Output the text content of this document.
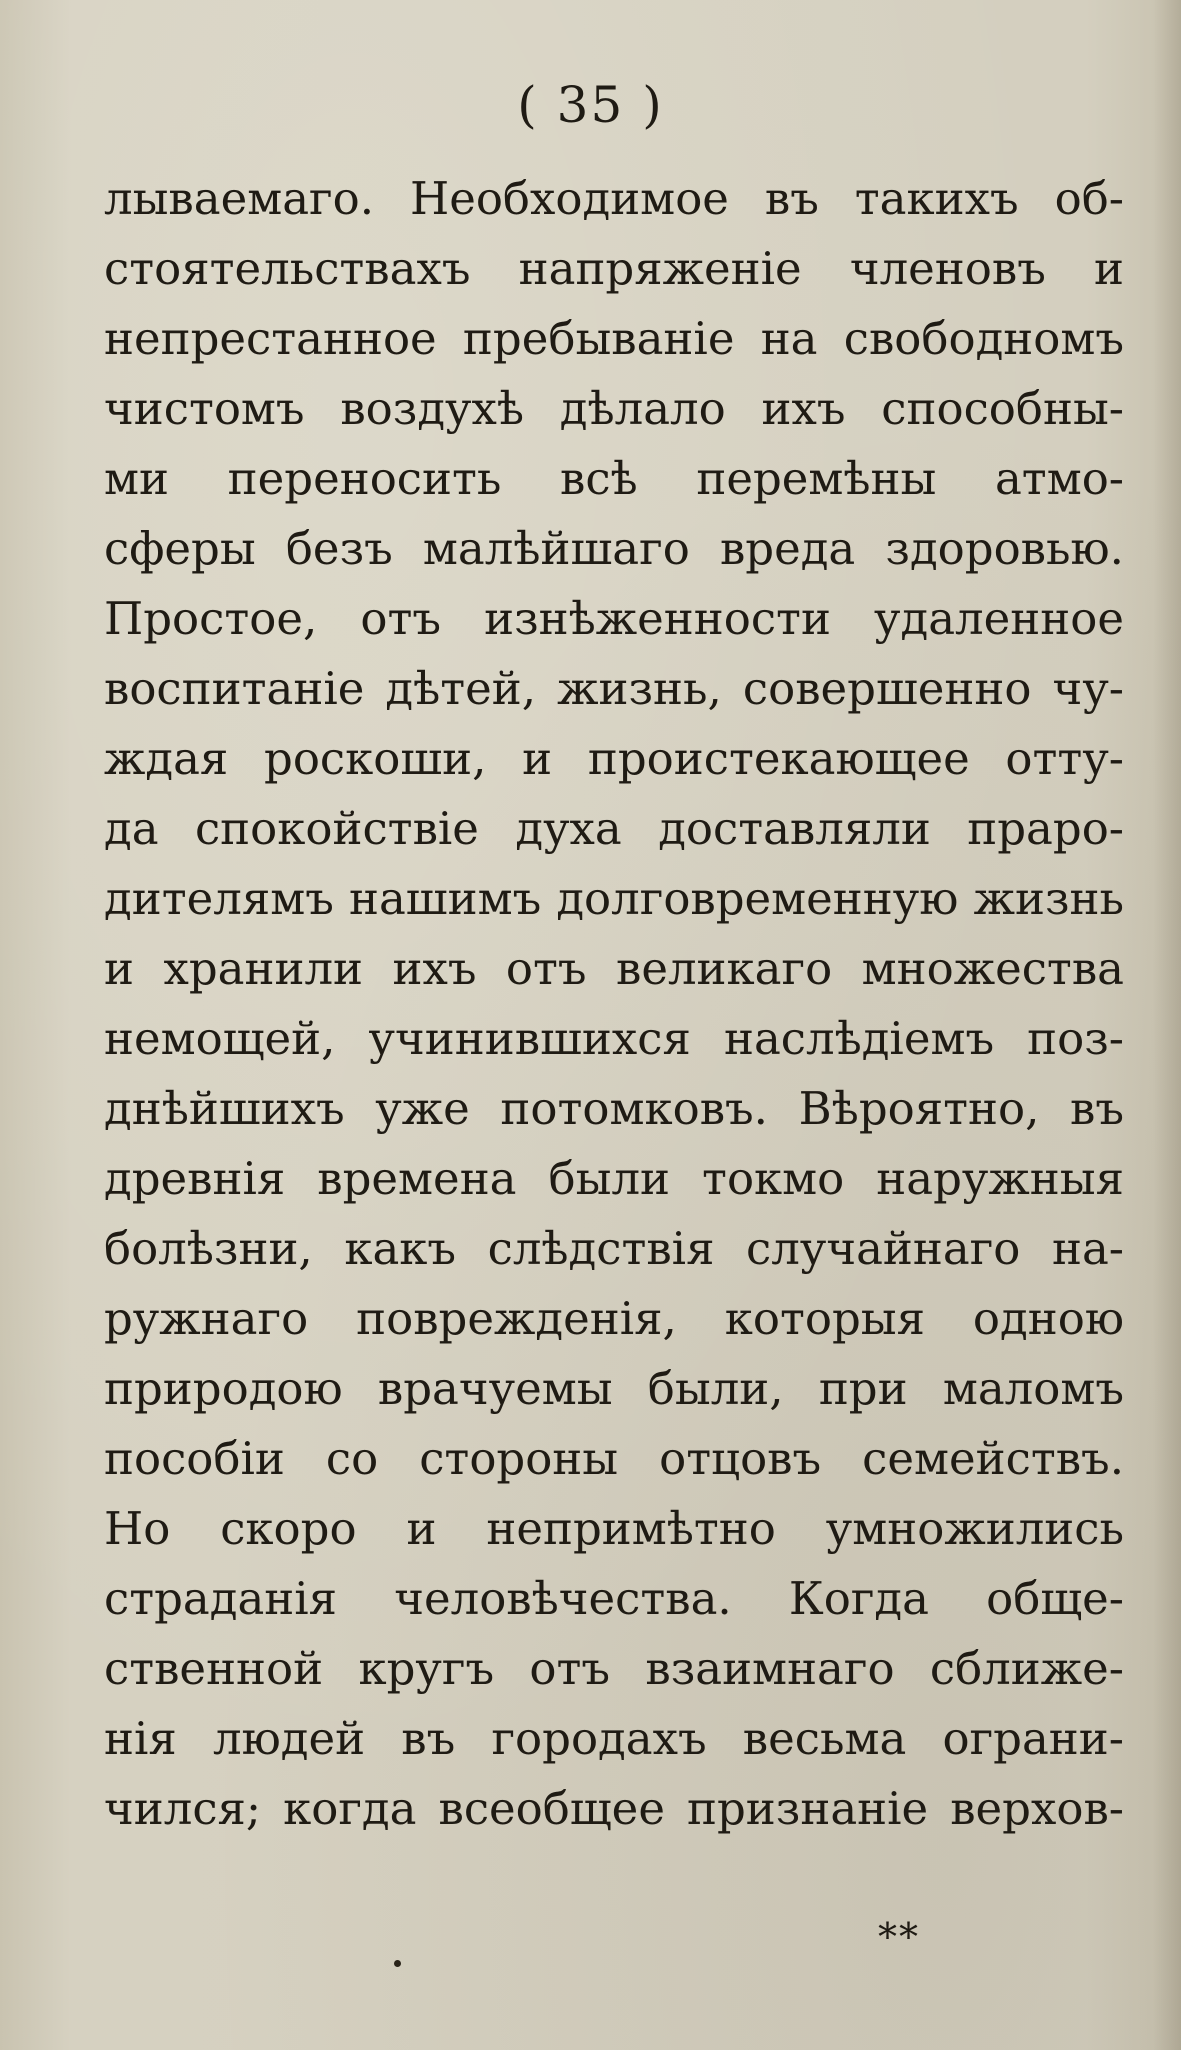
( 35 )
лываемаго. Необходимое въ такихъ об-
стоятельствахъ напряженіе членовъ и
непрестанное пребываніе на свободномъ
чистомъ воздухѣ дѣлало ихъ способны-
ми переносить всѣ перемѣны атмо-
сферы безъ малѣйшаго вреда здоровью.
Простое, отъ изнѣженности удаленное
воспитаніе дѣтей, жизнь, совершенно чу-
ждая роскоши, и проистекающее отту-
да спокойствіе духа доставляли праро-
дителямъ нашимъ долговременную жизнь
и хранили ихъ отъ великаго множества
немощей, учинившихся наслѣдіемъ поз-
днѣйшихъ уже потомковъ. Вѣроятно, въ
древнія времена были токмо наружныя
болѣзни, какъ слѣдствія случайнаго на-
ружнаго поврежденія, которыя одною
природою врачуемы были, при маломъ
пособіи со стороны отцовъ семействъ.
Но скоро и непримѣтно умножились
страданія человѣчества. Когда обще-
ственной кругъ отъ взаимнаго сближе-
нія людей въ городахъ весьма ограни-
чился; когда всеобщее признаніе верхов-
**
